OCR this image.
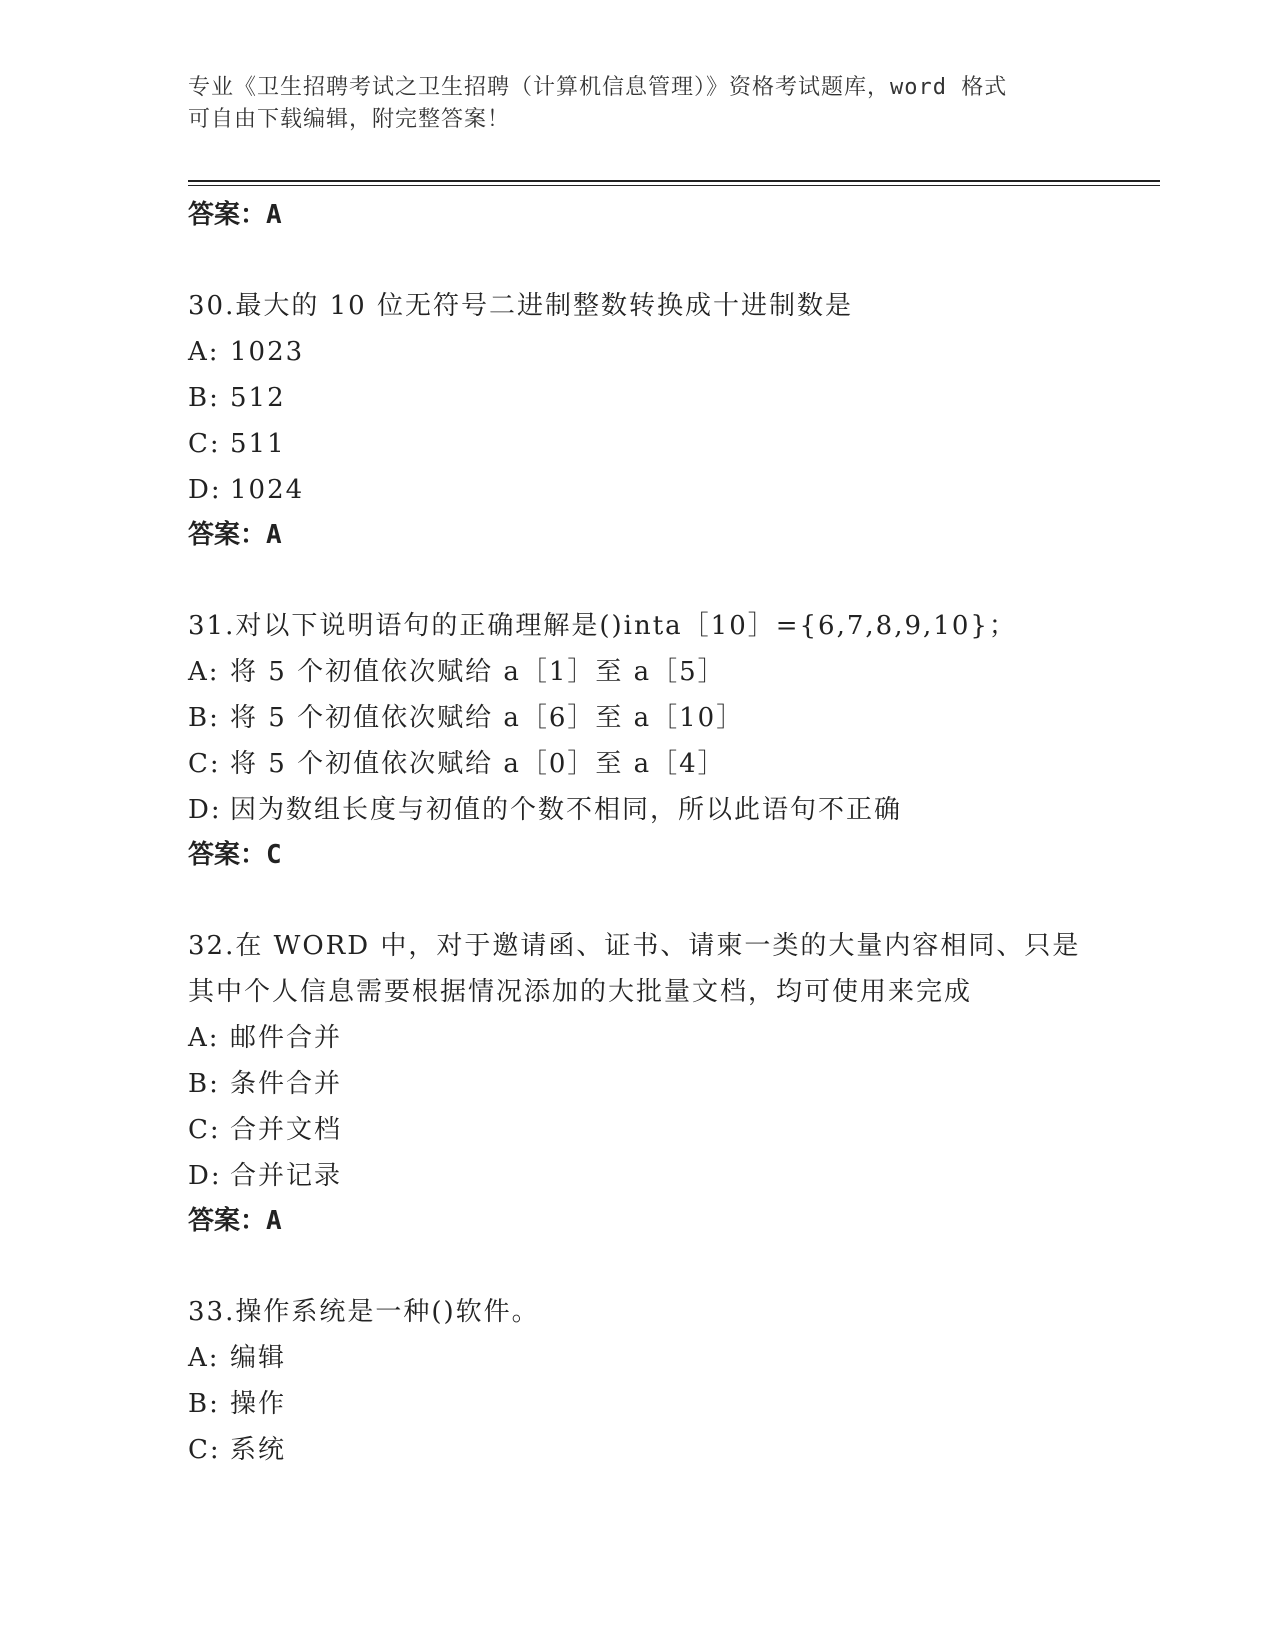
专业《卫生招聘考试之卫生招聘（计算机信息管理）》资格考试题库，word 格式
可自由下载编辑，附完整答案！
答案：A
30.最大的 10 位无符号二进制整数转换成十进制数是
A: 1023
B: 512
C: 511
D: 1024
答案：A
31.对以下说明语句的正确理解是()inta［10］={6,7,8,9,10}；
A: 将 5 个初值依次赋给 a［1］至 a［5］
B: 将 5 个初值依次赋给 a［6］至 a［10］
C: 将 5 个初值依次赋给 a［0］至 a［4］
D: 因为数组长度与初值的个数不相同，所以此语句不正确
答案：C
32.在 WORD 中，对于邀请函、证书、请柬一类的大量内容相同、只是
其中个人信息需要根据情况添加的大批量文档，均可使用来完成
A: 邮件合并
B: 条件合并
C: 合并文档
D: 合并记录
答案：A
33.操作系统是一种()软件。
A: 编辑
B: 操作
C: 系统
